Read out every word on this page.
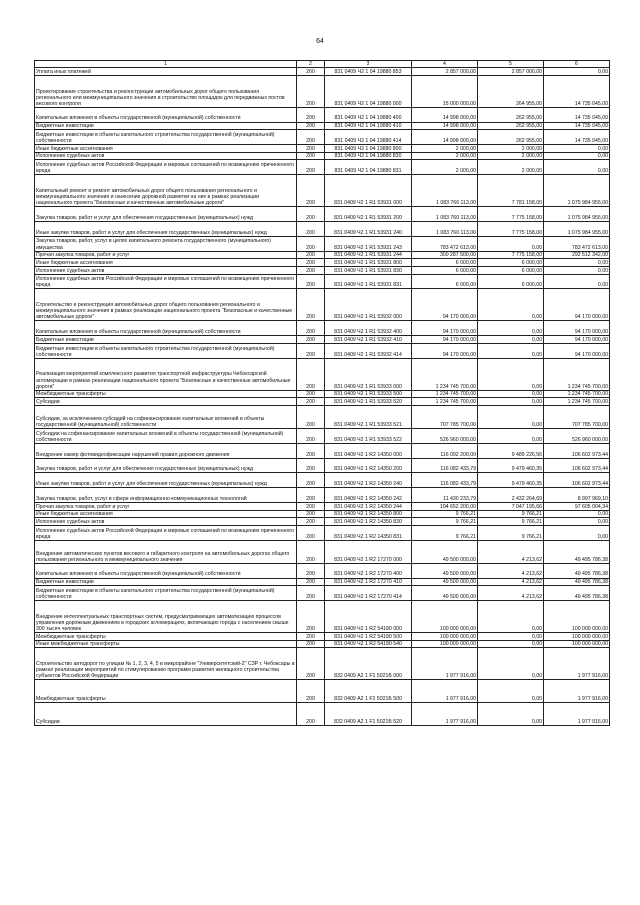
64
1	2	3	4	5	6
Уплата иных платежей	200	831 0409 Ч2 1 04 19880 853	2 857 000,00	2 857 000,00	0,00
Проектирование строительства и реконструкции автомобильных дорог общего пользования регионального или межмуниципального значения и строительство площадок для передвижных постов весового контроля	200	831 0409 Ч2 1 04 19880 000	15 000 000,00	264 955,00	14 735 045,00
Капитальные вложения в объекты государственной (муниципальной) собственности	200	831 0409 Ч2 1 04 19880 400	14 998 000,00	262 955,00	14 735 045,00
Бюджетные инвестиции	200	831 0409 Ч2 1 04 19880 410	14 998 000,00	262 955,00	14 735 045,00
Бюджетные инвестиции в объекты капитального строительства государственной (муниципальной) собственности	200	831 0409 Ч2 1 04 19880 414	14 998 000,00	262 955,00	14 735 045,00
Иные бюджетные ассигнования	200	831 0409 Ч2 1 04 19880 800	2 000,00	2 000,00	0,00
Исполнение судебных актов	200	831 0409 Ч2 1 04 19880 830	2 000,00	2 000,00	0,00
Исполнение судебных актов Российской Федерации и мировых соглашений по возмещению причиненного вреда	200	831 0409 Ч2 1 04 19880 831	2 000,00	2 000,00	0,00
Капитальный ремонт и ремонт автомобильных дорог общего пользования регионального и межмуниципального значения и нанесение дорожной разметки на них в рамках реализации национального проекта "Безопасные и качественные автомобильные дороги"	200	831 0409 Ч2 1 R1 53931 000	1 083 766 113,00	7 781 158,00	1 075 984 955,00
Закупка товаров, работ и услуг для обеспечения государственных (муниципальных) нужд	200	831 0409 Ч2 1 R1 53931 200	1 083 760 113,00	7 775 158,00	1 075 984 955,00
Иные закупки товаров, работ и услуг для обеспечения государственных (муниципальных) нужд	200	831 0409 Ч2 1 R1 53931 240	1 083 760 113,00	7 775 158,00	1 075 984 955,00
Закупка товаров, работ, услуг в целях капитального ремонта государственного (муниципального) имущества	200	831 0409 Ч2 1 R1 53931 243	783 472 613,00	0,00	783 472 613,00
Прочая закупка товаров, работ и услуг	200	831 0409 Ч2 1 R1 53931 244	300 287 500,00	7 775 158,00	292 512 342,00
Иные бюджетные ассигнования	200	831 0409 Ч2 1 R1 53931 800	6 000,00	6 000,00	0,00
Исполнение судебных актов	200	831 0409 Ч2 1 R1 53931 830	6 000,00	6 000,00	0,00
Исполнение судебных актов Российской Федерации и мировых соглашений по возмещению причиненного вреда	200	831 0409 Ч2 1 R1 53931 831	6 000,00	6 000,00	0,00
Строительство и реконструкция автомобильных дорог общего пользования регионального и межмуниципального значения в рамках реализации национального проекта "Безопасные и качественные автомобильные дороги"	200	831 0409 Ч2 1 R1 53932 000	94 170 000,00	0,00	94 170 000,00
Капитальные вложения в объекты государственной (муниципальной) собственности	200	831 0409 Ч2 1 R1 53932 400	94 170 000,00	0,00	94 170 000,00
Бюджетные инвестиции	200	831 0409 Ч2 1 R1 53932 410	94 170 000,00	0,00	94 170 000,00
Бюджетные инвестиции в объекты капитального строительства государственной (муниципальной) собственности	200	831 0409 Ч2 1 R1 53932 414	94 170 000,00	0,00	94 170 000,00
Реализация мероприятий комплексного развития транспортной инфраструктуры Чебоксарской агломерации в рамках реализации национального проекта "Безопасные и качественные автомобильные дороги"	200	831 0409 Ч2 1 R1 53933 000	1 234 745 700,00	0,00	1 234 745 700,00
Межбюджетные трансферты	200	831 0409 Ч2 1 R1 53933 500	1 234 745 700,00	0,00	1 234 745 700,00
Субсидии	200	831 0409 Ч2 1 R1 53933 520	1 234 745 700,00	0,00	1 234 745 700,00
Субсидии, за исключением субсидий на софинансирование капитальных вложений в объекты государственной (муниципальной) собственности	200	831 0409 Ч2 1 R1 53933 521	707 785 700,00	0,00	707 785 700,00
Субсидии на софинансирование капитальных вложений в объекты государственной (муниципальной) собственности	200	831 0409 Ч2 1 R1 53933 522	526 960 000,00	0,00	526 960 000,00
Внедрение камер фотовидеофиксации нарушений правил дорожного движения	200	831 0409 Ч2 1 R2 14350 000	116 092 200,00	9 489 226,56	106 602 973,44
Закупка товаров, работ и услуг для обеспечения государственных (муниципальных) нужд	200	831 0409 Ч2 1 R2 14350 200	116 082 433,79	9 479 460,35	106 602 973,44
Иные закупки товаров, работ и услуг для обеспечения государственных (муниципальных) нужд	200	831 0409 Ч2 1 R2 14350 240	116 082 433,79	9 479 460,35	106 602 973,44
Закупка товаров, работ, услуг в сфере информационно-коммуникационных технологий	200	831 0409 Ч2 1 R2 14350 242	11 430 233,79	2 432 264,69	8 997 969,10
Прочая закупка товаров, работ и услуг	200	831 0409 Ч2 1 R2 14350 244	104 652 200,00	7 047 195,66	97 605 004,34
Иные бюджетные ассигнования	200	831 0409 Ч2 1 R2 14350 800	9 766,21	9 766,21	0,00
Исполнение судебных актов	200	831 0409 Ч2 1 R2 14350 830	9 766,21	9 766,21	0,00
Исполнение судебных актов Российской Федерации и мировых соглашений по возмещению причиненного вреда	200	831 0409 Ч2 1 R2 14350 831	9 766,21	9 766,21	0,00
Внедрение автоматических пунктов весового и габаритного контроля на автомобильных дорогах общего пользования регионального и межмуниципального значения	200	831 0409 Ч2 1 R2 17270 000	49 500 000,00	4 213,62	49 495 786,38
Капитальные вложения в объекты государственной (муниципальной) собственности	200	831 0409 Ч2 1 R2 17270 400	49 500 000,00	4 213,62	49 495 786,38
Бюджетные инвестиции	200	831 0409 Ч2 1 R2 17270 410	49 500 000,00	4 213,62	49 495 786,38
Бюджетные инвестиции в объекты капитального строительства государственной (муниципальной) собственности	200	831 0409 Ч2 1 R2 17270 414	49 500 000,00	4 213,62	49 495 786,38
Внедрение интеллектуальных транспортных систем, предусматривающих автоматизацию процессов управления дорожным движением в городских агломерациях, включающих города с населением свыше 300 тысяч человек	200	831 0409 Ч2 1 R2 54180 000	100 000 000,00	0,00	100 000 000,00
Межбюджетные трансферты	200	831 0409 Ч2 1 R2 54180 500	100 000 000,00	0,00	100 000 000,00
Иные межбюджетные трансферты	200	831 0409 Ч2 1 R2 54180 540	100 000 000,00	0,00	100 000 000,00
Строительство автодорог по улицам № 1, 2, 3, 4, 5 в микрорайоне "Университетский-2" СЗР г. Чебоксары в рамках реализации мероприятий по стимулированию программ развития жилищного строительства субъектов Российской Федерации	200	832 0409 А2 1 F1 5021Б 000	1 977 916,00	0,00	1 977 916,00
Межбюджетные трансферты	200	832 0409 А2 1 F1 5021Б 500	1 977 916,00	0,00	1 977 916,00
Субсидии	200	832 0409 А2 1 F1 5021Б 520	1 977 916,00	0,00	1 977 916,00
